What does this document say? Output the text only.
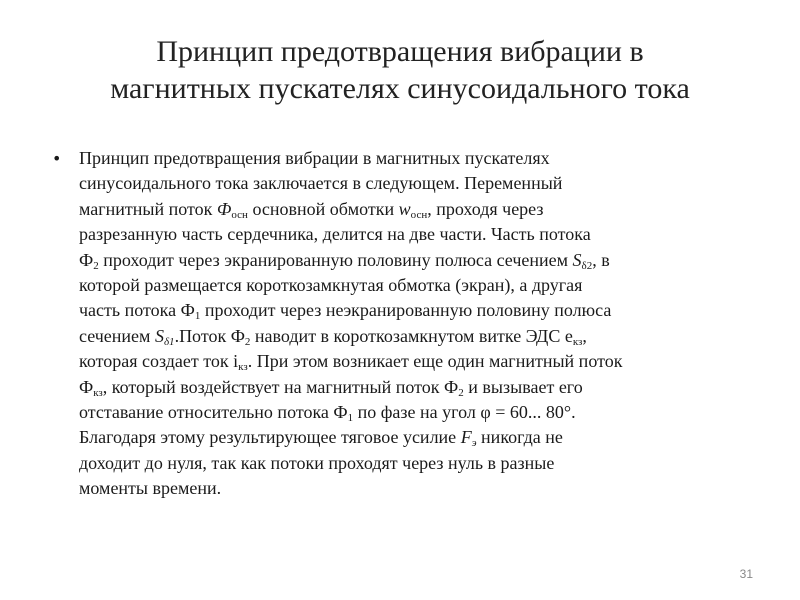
Принцип предотвращения вибрации в
магнитных пускателях синусоидального тока
• Принцип предотвращения вибрации в магнитных пускателях
синусоидального тока заключается в следующем. Переменный
магнитный поток $Ф_{осн}$ основной обмотки $w_{осн}$, проходя через
разрезанную часть сердечника, делится на две части. Часть потока
$Ф_2$ проходит через экранированную половину полюса сечением $S_{\delta 2}$, в
которой размещается короткозамкнутая обмотка (экран), а другая
часть потока $Ф_1$ проходит через неэкранированную половину полюса
сечением $S_{\delta 1}.Поток$ $Ф_2$ наводит в короткозамкнутом витке ЭДС $е_{кз}$,
которая создает ток $i_{кз}$. При этом возникает еще один магнитный поток
$Ф_{кз}$, который воздействует на магнитный поток $Ф_2$ и вызывает его
отставание относительно потока $Ф_1$ по фазе на угол φ = 60... 80°.
Благодаря этому результирующее тяговое усилие $F_э$ никогда не
доходит до нуля, так как потоки проходят через нуль в разные
моменты времени.
31
